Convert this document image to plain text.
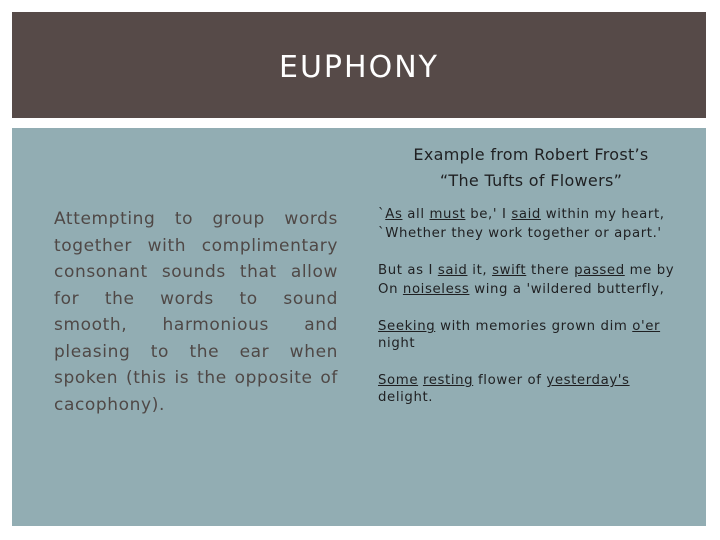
EUPHONY
Attempting to group words together with complimentary consonant sounds that allow for the words to sound smooth, harmonious and pleasing to the ear when spoken (this is the opposite of cacophony).
Example from Robert Frost’s
“The Tufts of Flowers”

`As all must be,' I said within my heart,

`Whether they work together or apart.'

But as I said it, swift there passed me by

On noiseless wing a 'wildered butterfly,

Seeking with memories grown dim o'er night

Some resting flower of yesterday's delight.
